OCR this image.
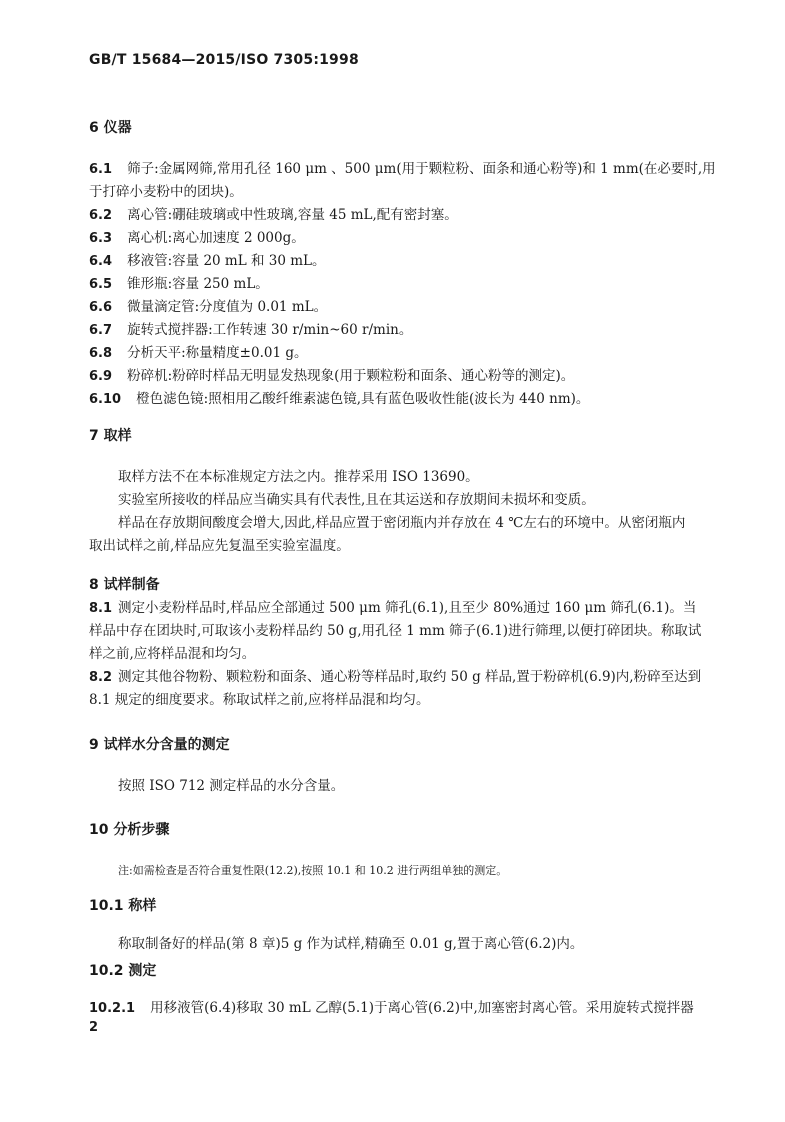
GB/T 15684—2015/ISO 7305:1998
6 仪器
6.1 筛子:金属网筛,常用孔径 160 μm 、500 μm(用于颗粒粉、面条和通心粉等)和 1 mm(在必要时,用
于打碎小麦粉中的团块)。
6.2 离心管:硼硅玻璃或中性玻璃,容量 45 mL,配有密封塞。
6.3 离心机:离心加速度 2 000g。
6.4 移液管:容量 20 mL 和 30 mL。
6.5 锥形瓶:容量 250 mL。
6.6 微量滴定管:分度值为 0.01 mL。
6.7 旋转式搅拌器:工作转速 30 r/min~60 r/min。
6.8 分析天平:称量精度±0.01 g。
6.9 粉碎机:粉碎时样品无明显发热现象(用于颗粒粉和面条、通心粉等的测定)。
6.10 橙色滤色镜:照相用乙酸纤维素滤色镜,具有蓝色吸收性能(波长为 440 nm)。
7 取样
取样方法不在本标准规定方法之内。推荐采用 ISO 13690。
实验室所接收的样品应当确实具有代表性,且在其运送和存放期间未损坏和变质。
样品在存放期间酸度会增大,因此,样品应置于密闭瓶内并存放在 4 ℃左右的环境中。从密闭瓶内
取出试样之前,样品应先复温至实验室温度。
8 试样制备
8.1 测定小麦粉样品时,样品应全部通过 500 μm 筛孔(6.1),且至少 80%通过 160 μm 筛孔(6.1)。当样品中存在团块时,可取该小麦粉样品约 50 g,用孔径 1 mm 筛子(6.1)进行筛理,以便打碎团块。称取试样之前,应将样品混和均匀。
8.2 测定其他谷物粉、颗粒粉和面条、通心粉等样品时,取约 50 g 样品,置于粉碎机(6.9)内,粉碎至达到 8.1 规定的细度要求。称取试样之前,应将样品混和均匀。
9 试样水分含量的测定
按照 ISO 712 测定样品的水分含量。
10 分析步骤
注:如需检查是否符合重复性限(12.2),按照 10.1 和 10.2 进行两组单独的测定。
10.1 称样
称取制备好的样品(第 8 章)5 g 作为试样,精确至 0.01 g,置于离心管(6.2)内。
10.2 测定
10.2.1 用移液管(6.4)移取 30 mL 乙醇(5.1)于离心管(6.2)中,加塞密封离心管。采用旋转式搅拌器
2
